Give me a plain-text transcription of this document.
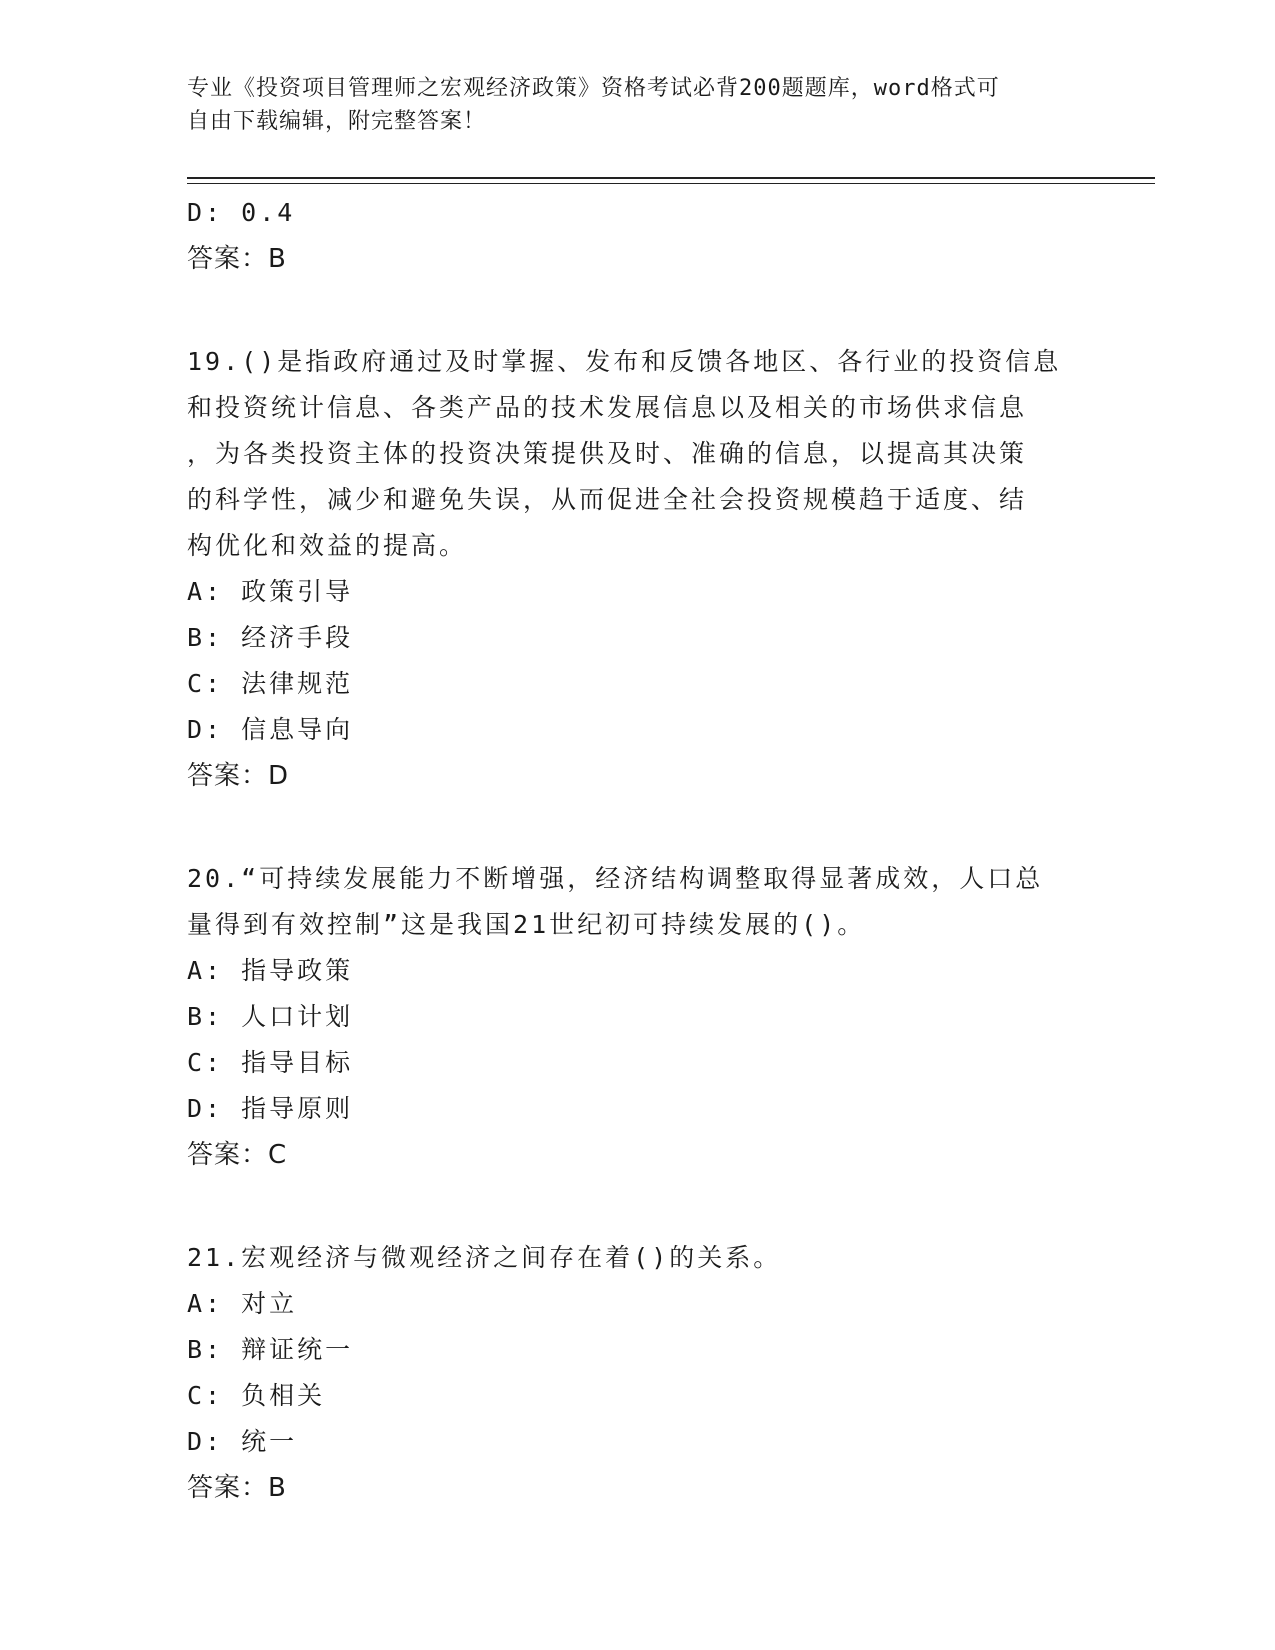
专业《投资项目管理师之宏观经济政策》资格考试必背200题题库，word格式可
自由下载编辑，附完整答案！
D: 0.4
答案：B
19.()是指政府通过及时掌握、发布和反馈各地区、各行业的投资信息
和投资统计信息、各类产品的技术发展信息以及相关的市场供求信息
，为各类投资主体的投资决策提供及时、准确的信息，以提高其决策
的科学性，减少和避免失误，从而促进全社会投资规模趋于适度、结
构优化和效益的提高。
A: 政策引导
B: 经济手段
C: 法律规范
D: 信息导向
答案：D
20.“可持续发展能力不断增强，经济结构调整取得显著成效，人口总
量得到有效控制”这是我国21世纪初可持续发展的()。
A: 指导政策
B: 人口计划
C: 指导目标
D: 指导原则
答案：C
21.宏观经济与微观经济之间存在着()的关系。
A: 对立
B: 辩证统一
C: 负相关
D: 统一
答案：B
